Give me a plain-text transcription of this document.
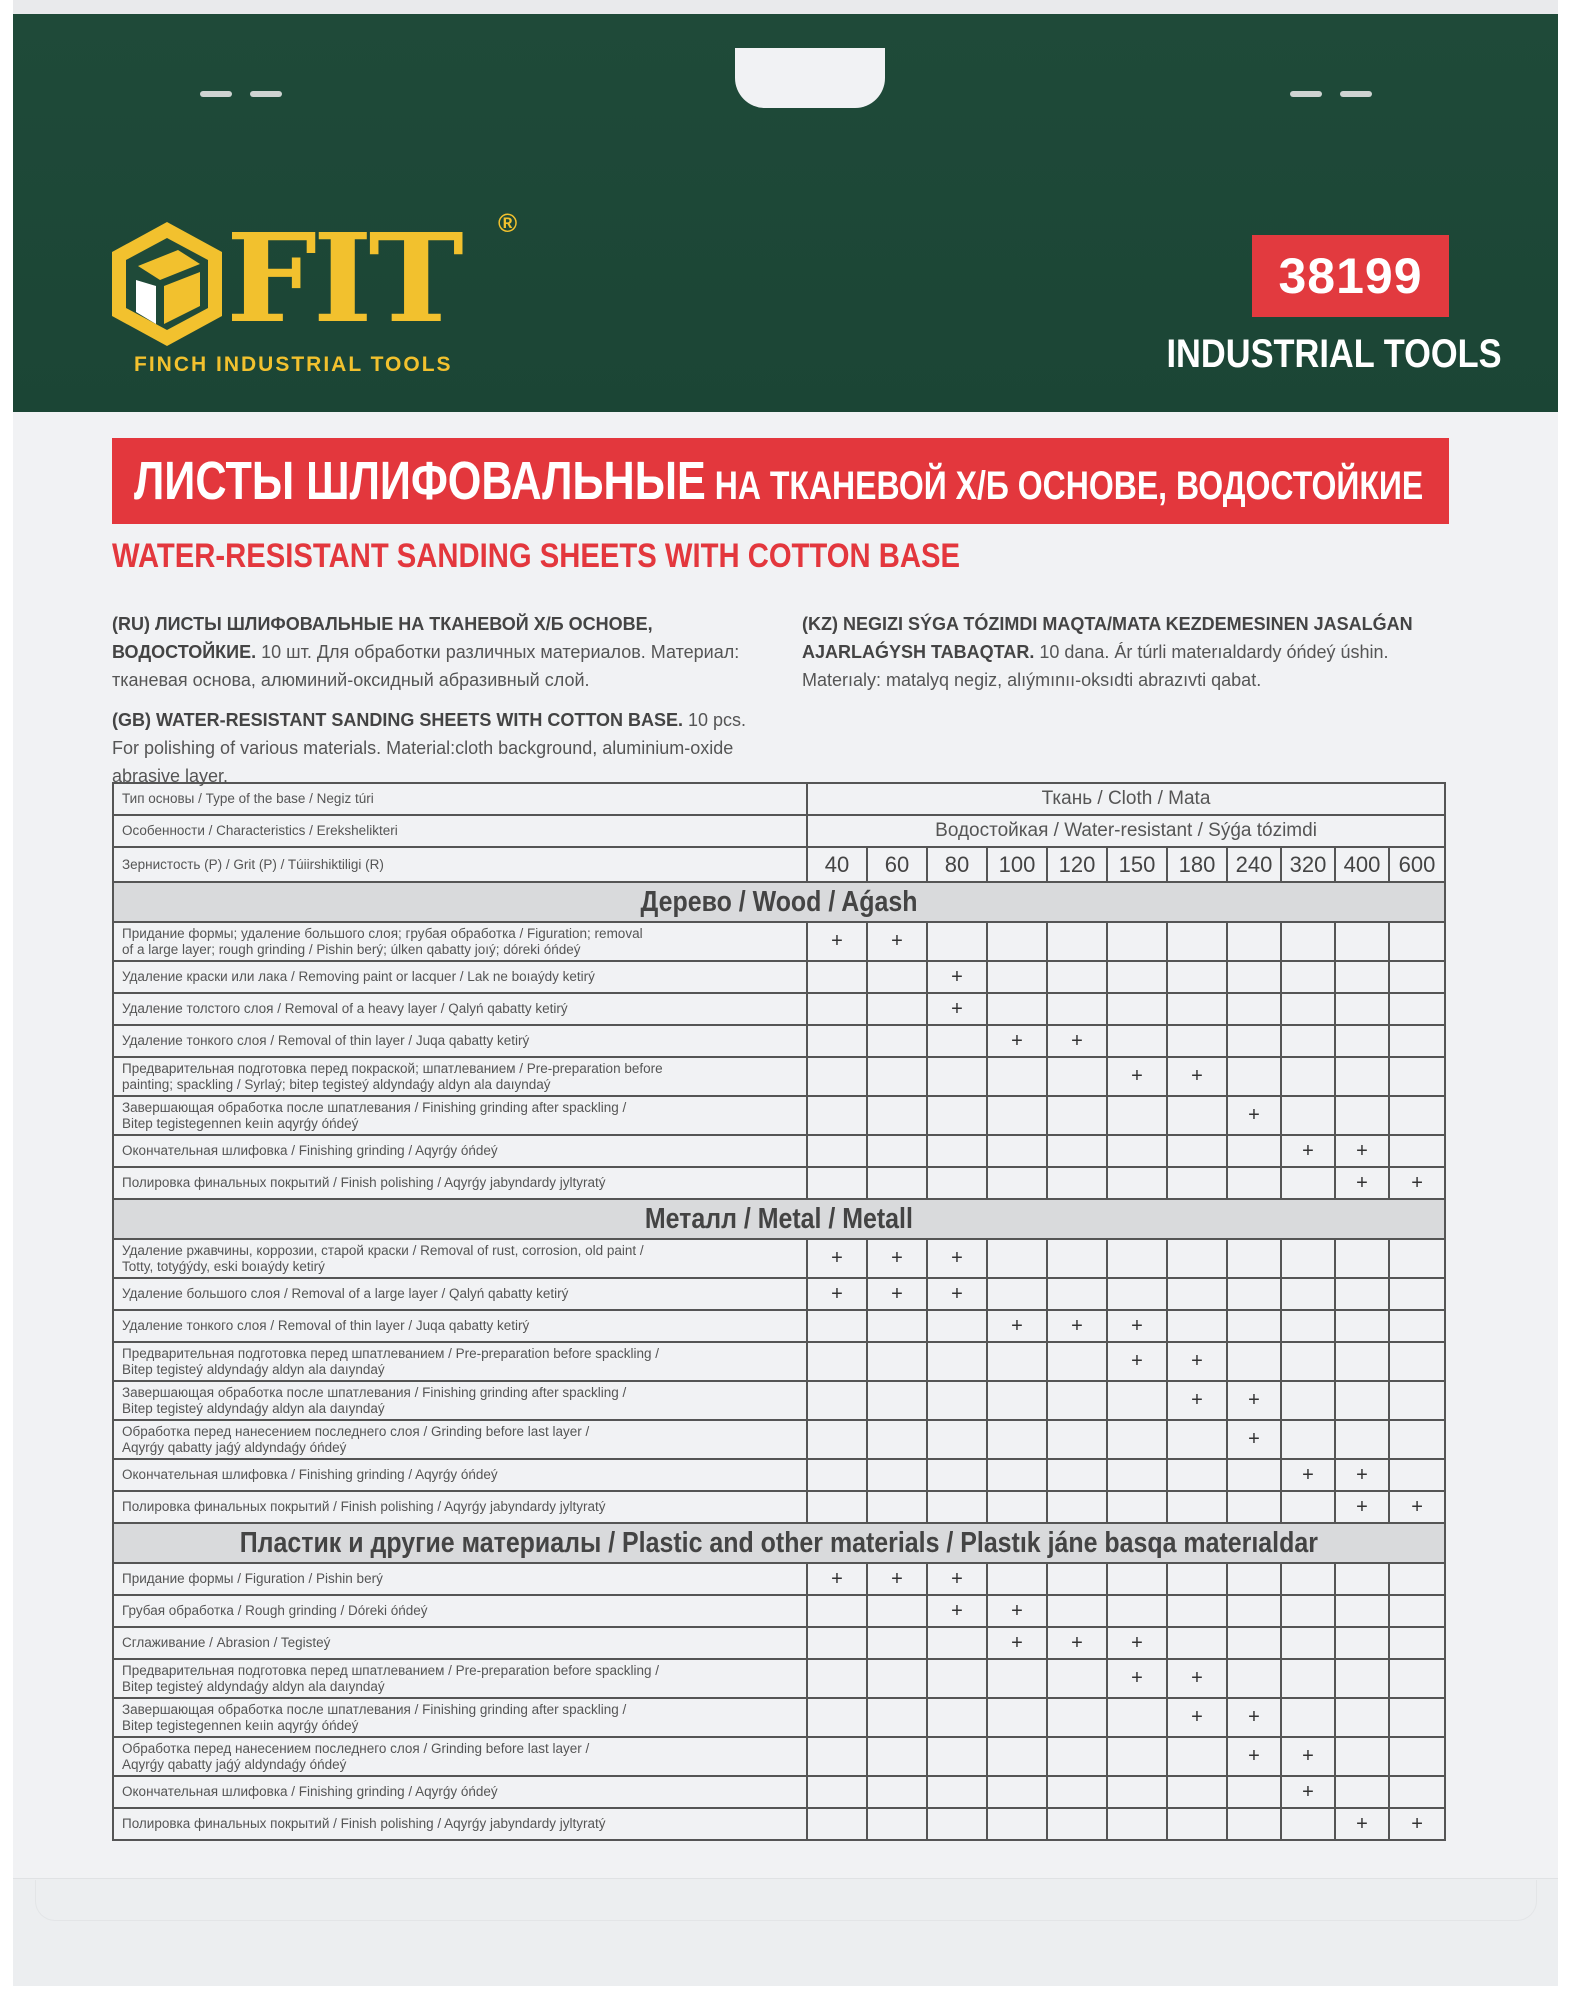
FIT ®
FINCH INDUSTRIAL TOOLS
38199
INDUSTRIAL TOOLS
ЛИСТЫ ШЛИФОВАЛЬНЫЕ НА ТКАНЕВОЙ Х/Б ОСНОВЕ, ВОДОСТОЙКИЕ
WATER-RESISTANT SANDING SHEETS WITH COTTON BASE
(RU) ЛИСТЫ ШЛИФОВАЛЬНЫЕ НА ТКАНЕВОЙ Х/Б ОСНОВЕ, ВОДОСТОЙКИЕ. 10 шт. Для обработки различных материалов. Материал: тканевая основа, алюминий-оксидный абразивный слой.
(GB) WATER-RESISTANT SANDING SHEETS WITH COTTON BASE. 10 pcs. For polishing of various materials. Material:cloth background, aluminium-oxide abrasive layer.
(KZ) NEGIZI SÝGA TÓZIMDI MAQTA/MATA KEZDEMESINEN JASALǴAN AJARLAǴYSH TABAQTAR. 10 dana. Ár túrli materıaldardy óńdeý úshin. Materıaly: matalyq negiz, alıýmınıı-oksıdti abrazıvti qabat.
Тип основы / Type of the base / Negiz túri	Ткань / Cloth / Mata										
Особенности / Characteristics / Erekshelikteri	Водостойкая / Water-resistant / Sýǵa tózimdi										
Зернистость (Р) / Grit (P) / Túiirshiktiligi (R)	40	60	80	100	120	150	180	240	320	400	600
Дерево / Wood / Aǵash											

Придание формы; удаление большого слоя; грубая обработка / Figuration; removal
of a large layer; rough grinding / Pishin berý; úlken qabatty joıý; dóreki óńdeý	+	+									

Удаление краски или лака / Removing paint or lacquer / Lak ne boıaýdy ketirý			+								

Удаление толстого слоя / Removal of a heavy layer / Qalyń qabatty ketirý			+								

Удаление тонкого слоя / Removal of thin layer / Juqa qabatty ketirý				+	+						

Предварительная подготовка перед покраской; шпатлеванием / Pre-preparation before
painting; spackling / Syrlaý; bitep tegisteý aldyndaǵy aldyn ala daıyndaý						+	+				

Завершающая обработка после шпатлевания / Finishing grinding after spackling /
Bitep tegistegennen keıin aqyrǵy óńdeý								+			

Окончательная шлифовка / Finishing grinding / Aqyrǵy óńdeý									+	+	

Полировка финальных покрытий / Finish polishing / Aqyrǵy jabyndardy jyltyratý										+	+
Металл / Metal / Metall											

Удаление ржавчины, коррозии, старой краски / Removal of rust, corrosion, old paint /
Totty, totyǵýdy, eski boıaýdy ketirý	+	+	+								

Удаление большого слоя / Removal of a large layer / Qalyń qabatty ketirý	+	+	+								

Удаление тонкого слоя / Removal of thin layer / Juqa qabatty ketirý				+	+	+					

Предварительная подготовка перед шпатлеванием / Pre-preparation before spackling /
Bitep tegisteý aldyndaǵy aldyn ala daıyndaý						+	+				

Завершающая обработка после шпатлевания / Finishing grinding after spackling /
Bitep tegisteý aldyndaǵy aldyn ala daıyndaý							+	+			

Обработка перед нанесением последнего слоя / Grinding before last layer /
Aqyrǵy qabatty jaǵý aldyndaǵy óńdeý								+			

Окончательная шлифовка / Finishing grinding / Aqyrǵy óńdeý									+	+	

Полировка финальных покрытий / Finish polishing / Aqyrǵy jabyndardy jyltyratý										+	+
Пластик и другие материалы / Plastic and other materials / Plastık jáne basqa materıaldar											

Придание формы / Figuration / Pishin berý	+	+	+								

Грубая обработка / Rough grinding / Dóreki óńdeý			+	+							

Сглаживание / Abrasion / Tegisteý				+	+	+					

Предварительная подготовка перед шпатлеванием / Pre-preparation before spackling /
Bitep tegisteý aldyndaǵy aldyn ala daıyndaý						+	+				

Завершающая обработка после шпатлевания / Finishing grinding after spackling /
Bitep tegistegennen keıin aqyrǵy óńdeý							+	+			

Обработка перед нанесением последнего слоя / Grinding before last layer /
Aqyrǵy qabatty jaǵý aldyndaǵy óńdeý								+	+		

Окончательная шлифовка / Finishing grinding / Aqyrǵy óńdeý									+		

Полировка финальных покрытий / Finish polishing / Aqyrǵy jabyndardy jyltyratý										+	+
